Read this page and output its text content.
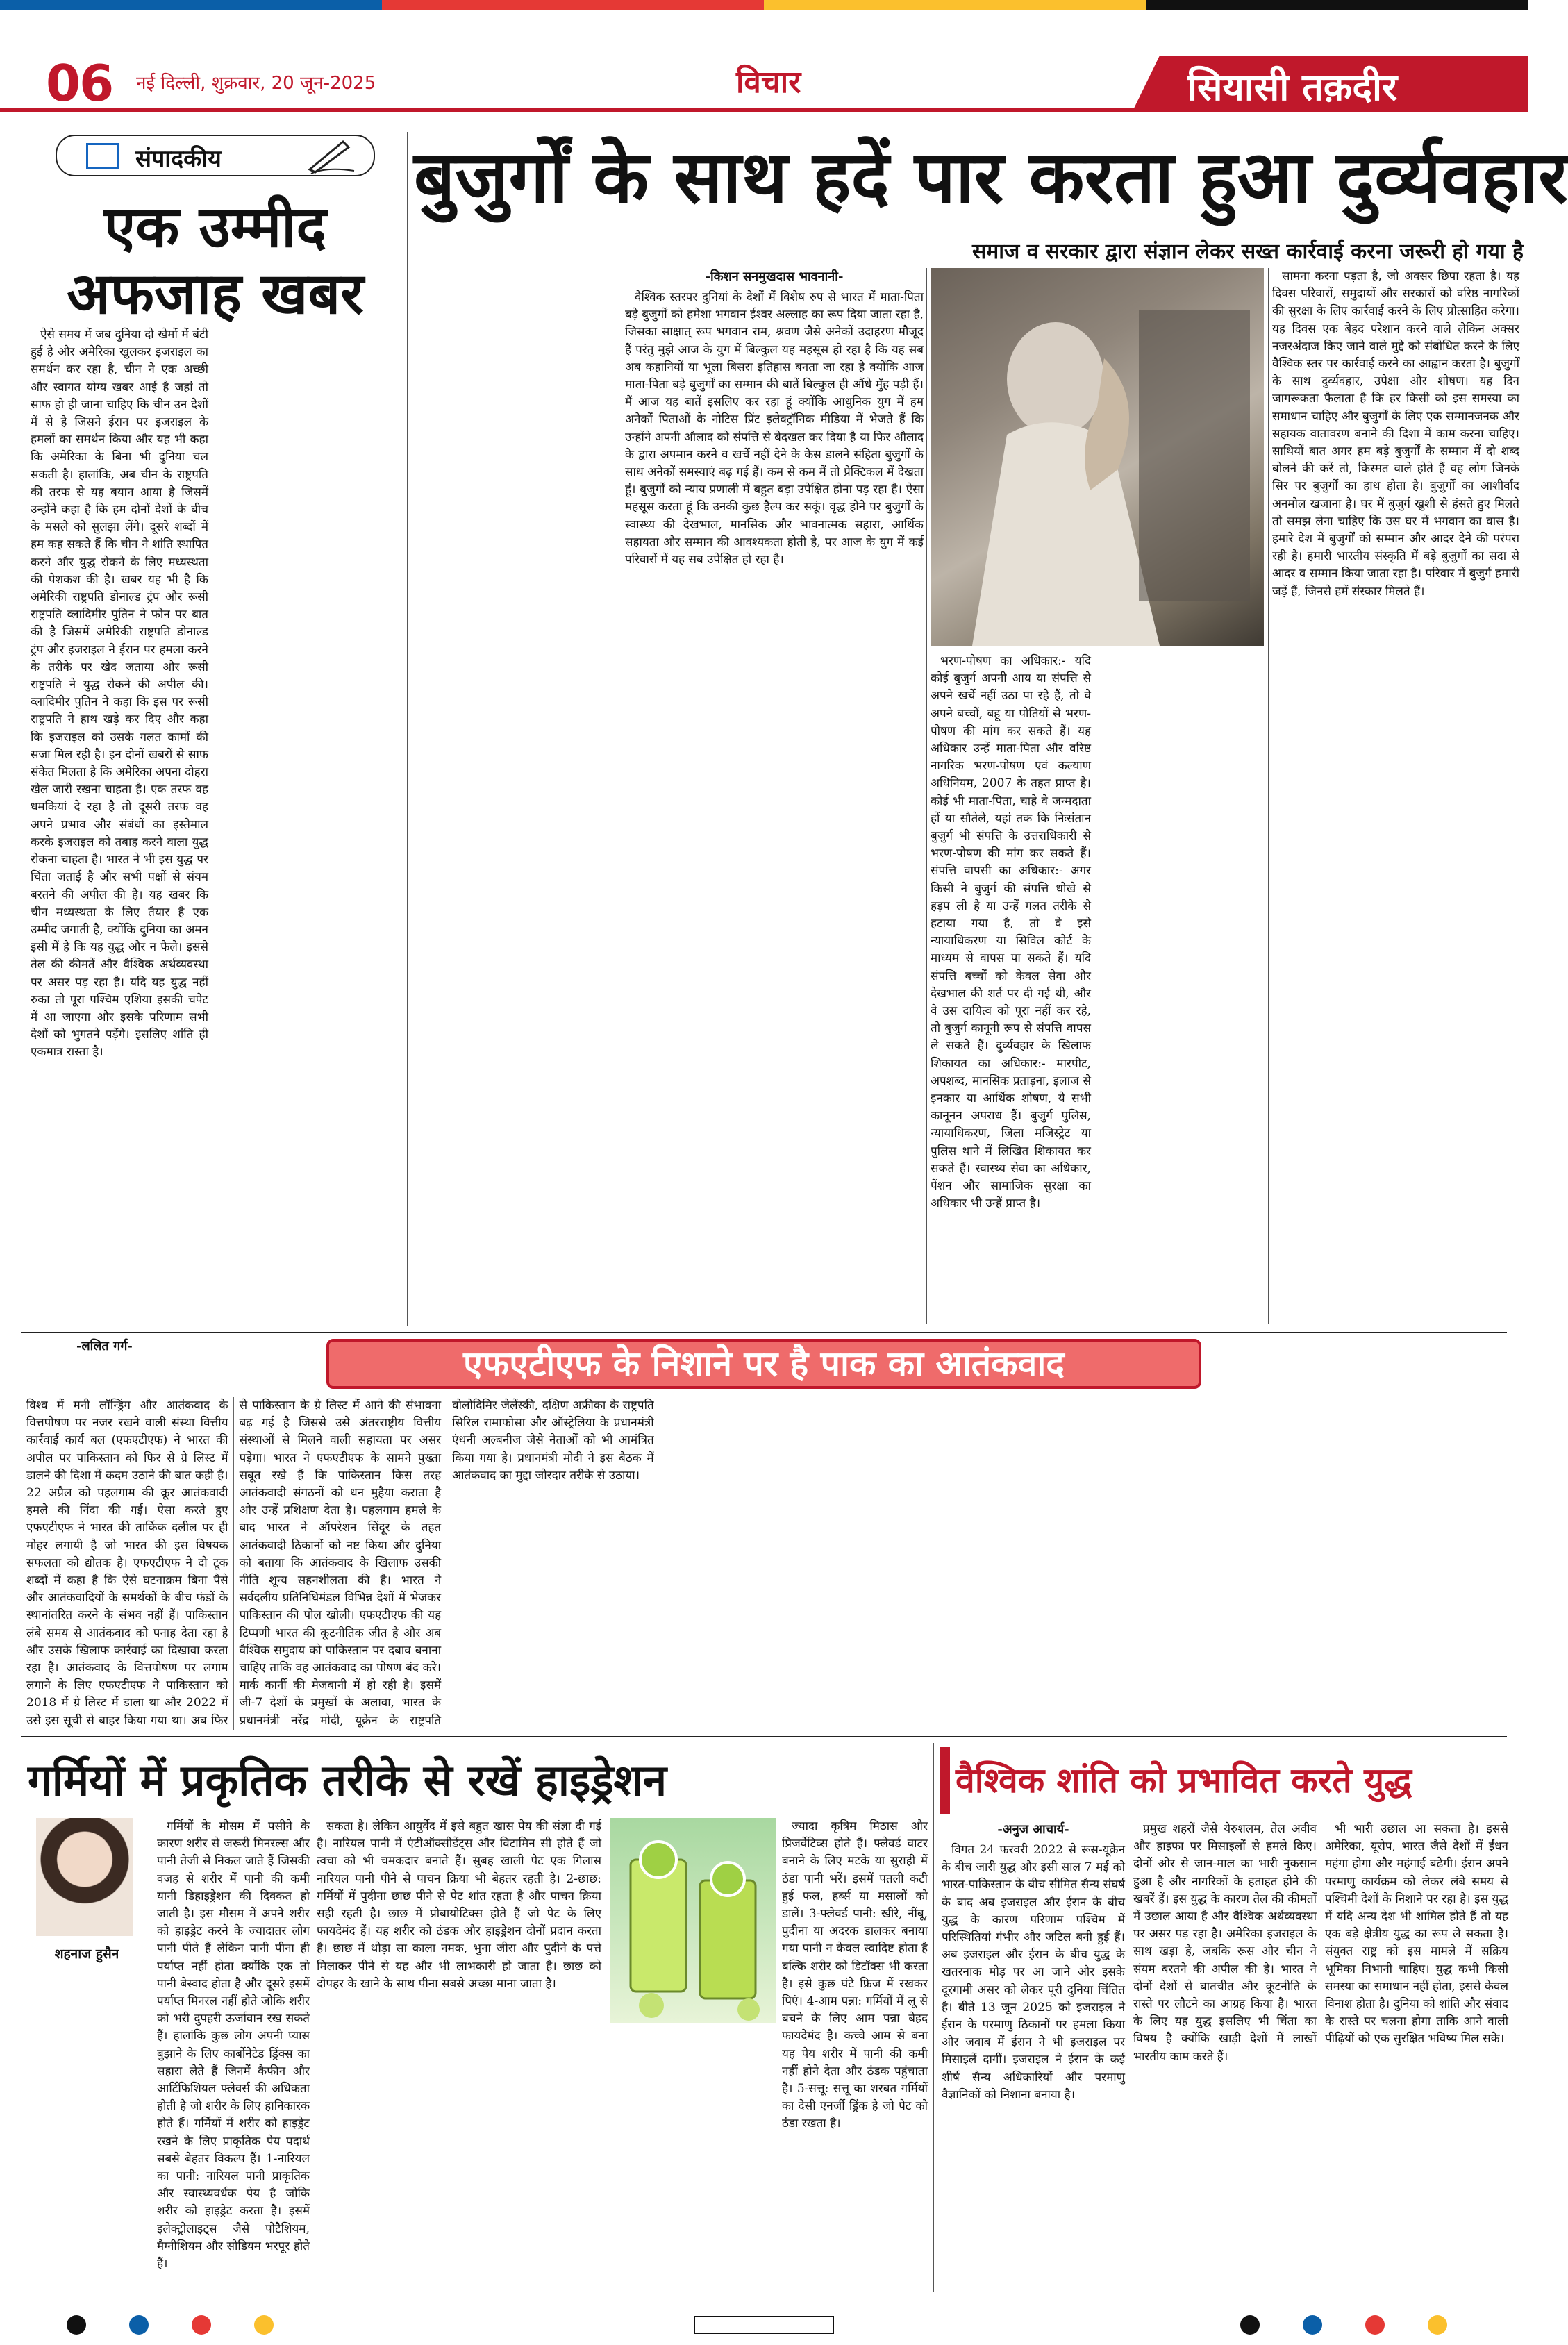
06 नई दिल्ली, शुक्रवार, 20 जून-2025	विचार	सियासी तक़दीर
संपादकीय
एक उम्मीद
अफजाह खबर
ऐसे समय में जब दुनिया दो खेमों में बंटी हुई है और अमेरिका खुलकर इजराइल का समर्थन कर रहा है, चीन ने एक अच्छी और स्वागत योग्य खबर आई है जहां तो साफ हो ही जाना चाहिए कि चीन उन देशों में से है जिसने ईरान पर इजराइल के हमलों का समर्थन किया और यह भी कहा कि अमेरिका के बिना भी दुनिया चल सकती है। हालांकि, अब चीन के राष्ट्रपति की तरफ से यह बयान आया है जिसमें उन्होंने कहा है कि हम दोनों देशों के बीच के मसले को सुलझा लेंगे। दूसरे शब्दों में हम कह सकते हैं कि चीन ने शांति स्थापित करने और युद्ध रोकने के लिए मध्यस्थता की पेशकश की है। खबर यह भी है कि अमेरिकी राष्ट्रपति डोनाल्ड ट्रंप और रूसी राष्ट्रपति व्लादिमीर पुतिन ने फोन पर बात की है जिसमें अमेरिकी राष्ट्रपति डोनाल्ड ट्रंप और इजराइल ने ईरान पर हमला करने के तरीके पर खेद जताया और रूसी राष्ट्रपति ने युद्ध रोकने की अपील की। व्लादिमीर पुतिन ने कहा कि इस पर रूसी राष्ट्रपति ने हाथ खड़े कर दिए और कहा कि इजराइल को उसके गलत कामों की सजा मिल रही है। इन दोनों खबरों से साफ संकेत मिलता है कि अमेरिका अपना दोहरा खेल जारी रखना चाहता है। एक तरफ वह धमकियां दे रहा है तो दूसरी तरफ वह अपने प्रभाव और संबंधों का इस्तेमाल करके इजराइल को तबाह करने वाला युद्ध रोकना चाहता है। भारत ने भी इस युद्ध पर चिंता जताई है और सभी पक्षों से संयम बरतने की अपील की है। यह खबर कि चीन मध्यस्थता के लिए तैयार है एक उम्मीद जगाती है, क्योंकि दुनिया का अमन इसी में है कि यह युद्ध और न फैले। इससे तेल की कीमतें और वैश्विक अर्थव्यवस्था पर असर पड़ रहा है। यदि यह युद्ध नहीं रुका तो पूरा पश्चिम एशिया इसकी चपेट में आ जाएगा और इसके परिणाम सभी देशों को भुगतने पड़ेंगे। इसलिए शांति ही एकमात्र रास्ता है।
बुजुर्गों के साथ हदें पार करता हुआ दुर्व्यवहार
समाज व सरकार द्वारा संज्ञान लेकर सख्त कार्रवाई करना जरूरी हो गया है
-किशन सनमुखदास भावनानी-
वैश्विक स्तरपर दुनियां के देशों में विशेष रुप से भारत में माता-पिता बड़े बुजुर्गों को हमेशा भगवान ईश्वर अल्लाह का रूप दिया जाता रहा है, जिसका साक्षात् रूप भगवान राम, श्रवण जैसे अनेकों उदाहरण मौजूद हैं परंतु मुझे आज के युग में बिल्कुल यह महसूस हो रहा है कि यह सब अब कहानियों या भूला बिसरा इतिहास बनता जा रहा है क्योंकि आज माता-पिता बड़े बुजुर्गों का सम्मान की बातें बिल्कुल ही औंधे मुँह पड़ी हैं। मैं आज यह बातें इसलिए कर रहा हूं क्योंकि आधुनिक युग में हम अनेकों पिताओं के नोटिस प्रिंट इलेक्ट्रॉनिक मीडिया में भेजते हैं कि उन्होंने अपनी औलाद को संपत्ति से बेदखल कर दिया है या फिर औलाद के द्वारा अपमान करने व खर्चे नहीं देने के केस डालने संहिता बुजुर्गों के साथ अनेकों समस्याएं बढ़ गई हैं। कम से कम मैं तो प्रेक्टिकल में देखता हूं। बुजुर्गों को न्याय प्रणाली में बहुत बड़ा उपेक्षित होना पड़ रहा है। ऐसा महसूस करता हूं कि उनकी कुछ हैल्प कर सकूं। वृद्ध होने पर बुजुर्गों के स्वास्थ्य की देखभाल, मानसिक और भावनात्मक सहारा, आर्थिक सहायता और सम्मान की आवश्यकता होती है, पर आज के युग में कई परिवारों में यह सब उपेक्षित हो रहा है।
भरण-पोषण का अधिकार:- यदि कोई बुजुर्ग अपनी आय या संपत्ति से अपने खर्चे नहीं उठा पा रहे हैं, तो वे अपने बच्चों, बहू या पोतियों से भरण-पोषण की मांग कर सकते हैं। यह अधिकार उन्हें माता-पिता और वरिष्ठ नागरिक भरण-पोषण एवं कल्याण अधिनियम, 2007 के तहत प्राप्त है। कोई भी माता-पिता, चाहे वे जन्मदाता हों या सौतेले, यहां तक कि निःसंतान बुजुर्ग भी संपत्ति के उत्तराधिकारी से भरण-पोषण की मांग कर सकते हैं। संपत्ति वापसी का अधिकार:- अगर किसी ने बुजुर्ग की संपत्ति धोखे से हड़प ली है या उन्हें गलत तरीके से हटाया गया है, तो वे इसे न्यायाधिकरण या सिविल कोर्ट के माध्यम से वापस पा सकते हैं। यदि संपत्ति बच्चों को केवल सेवा और देखभाल की शर्त पर दी गई थी, और वे उस दायित्व को पूरा नहीं कर रहे, तो बुजुर्ग कानूनी रूप से संपत्ति वापस ले सकते हैं। दुर्व्यवहार के खिलाफ शिकायत का अधिकार:- मारपीट, अपशब्द, मानसिक प्रताड़ना, इलाज से इनकार या आर्थिक शोषण, ये सभी कानूनन अपराध हैं। बुजुर्ग पुलिस, न्यायाधिकरण, जिला मजिस्ट्रेट या पुलिस थाने में लिखित शिकायत कर सकते हैं। स्वास्थ्य सेवा का अधिकार, पेंशन और सामाजिक सुरक्षा का अधिकार भी उन्हें प्राप्त है।
सामना करना पड़ता है, जो अक्सर छिपा रहता है। यह दिवस परिवारों, समुदायों और सरकारों को वरिष्ठ नागरिकों की सुरक्षा के लिए कार्रवाई करने के लिए प्रोत्साहित करेगा। यह दिवस एक बेहद परेशान करने वाले लेकिन अक्सर नजरअंदाज किए जाने वाले मुद्दे को संबोधित करने के लिए वैश्विक स्तर पर कार्रवाई करने का आह्वान करता है। बुजुर्गों के साथ दुर्व्यवहार, उपेक्षा और शोषण। यह दिन जागरूकता फैलाता है कि हर किसी को इस समस्या का समाधान चाहिए और बुजुर्गों के लिए एक सम्मानजनक और सहायक वातावरण बनाने की दिशा में काम करना चाहिए। साथियों बात अगर हम बड़े बुजुर्गों के सम्मान में दो शब्द बोलने की करें तो, किस्मत वाले होते हैं वह लोग जिनके सिर पर बुजुर्गों का हाथ होता है। बुजुर्गों का आशीर्वाद अनमोल खजाना है। घर में बुजुर्ग खुशी से हंसते हुए मिलते तो समझ लेना चाहिए कि उस घर में भगवान का वास है। हमारे देश में बुजुर्गों को सम्मान और आदर देने की परंपरा रही है। हमारी भारतीय संस्कृति में बड़े बुजुर्गों का सदा से आदर व सम्मान किया जाता रहा है। परिवार में बुजुर्ग हमारी जड़ें हैं, जिनसे हमें संस्कार मिलते हैं।
-ललित गर्ग-	एफएटीएफ के निशाने पर है पाक का आतंकवाद
विश्व में मनी लॉन्ड्रिंग और आतंकवाद के वित्तपोषण पर नजर रखने वाली संस्था वित्तीय कार्रवाई कार्य बल (एफएटीएफ) ने भारत की अपील पर पाकिस्तान को फिर से ग्रे लिस्ट में डालने की दिशा में कदम उठाने की बात कही है। 22 अप्रैल को पहलगाम की क्रूर आतंकवादी हमले की निंदा की गई। ऐसा करते हुए एफएटीएफ ने भारत की तार्किक दलील पर ही मोहर लगायी है जो भारत की इस विषयक सफलता को द्योतक है। एफएटीएफ ने दो टूक शब्दों में कहा है कि ऐसे घटनाक्रम बिना पैसे और आतंकवादियों के समर्थकों के बीच फंडों के स्थानांतरित करने के संभव नहीं हैं। पाकिस्तान लंबे समय से आतंकवाद को पनाह देता रहा है और उसके खिलाफ कार्रवाई का दिखावा करता रहा है। आतंकवाद के वित्तपोषण पर लगाम लगाने के लिए एफएटीएफ ने पाकिस्तान को 2018 में ग्रे लिस्ट में डाला था और 2022 में उसे इस सूची से बाहर किया गया था। अब फिर से पाकिस्तान के ग्रे लिस्ट में आने की संभावना बढ़ गई है जिससे उसे अंतरराष्ट्रीय वित्तीय संस्थाओं से मिलने वाली सहायता पर असर पड़ेगा। भारत ने एफएटीएफ के सामने पुख्ता सबूत रखे हैं कि पाकिस्तान किस तरह आतंकवादी संगठनों को धन मुहैया कराता है और उन्हें प्रशिक्षण देता है। पहलगाम हमले के बाद भारत ने ऑपरेशन सिंदूर के तहत आतंकवादी ठिकानों को नष्ट किया और दुनिया को बताया कि आतंकवाद के खिलाफ उसकी नीति शून्य सहनशीलता की है। भारत ने सर्वदलीय प्रतिनिधिमंडल विभिन्न देशों में भेजकर पाकिस्तान की पोल खोली। एफएटीएफ की यह टिप्पणी भारत की कूटनीतिक जीत है और अब वैश्विक समुदाय को पाकिस्तान पर दबाव बनाना चाहिए ताकि वह आतंकवाद का पोषण बंद करे। मार्क कार्नी की मेजबानी में हो रही है। इसमें जी-7 देशों के प्रमुखों के अलावा, भारत के प्रधानमंत्री नरेंद्र मोदी, यूक्रेन के राष्ट्रपति वोलोदिमिर जेलेंस्की, दक्षिण अफ्रीका के राष्ट्रपति सिरिल रामाफोसा और ऑस्ट्रेलिया के प्रधानमंत्री एंथनी अल्बनीज जैसे नेताओं को भी आमंत्रित किया गया है। प्रधानमंत्री मोदी ने इस बैठक में आतंकवाद का मुद्दा जोरदार तरीके से उठाया।
गर्मियों में प्रकृतिक तरीके से रखें हाइड्रेशन
शहनाज हुसैन
गर्मियों के मौसम में पसीने के कारण शरीर से जरूरी मिनरल्स और पानी तेजी से निकल जाते हैं जिसकी वजह से शरीर में पानी की कमी यानी डिहाइड्रेशन की दिक्कत हो जाती है। इस मौसम में अपने शरीर को हाइड्रेट करने के ज्यादातर लोग पानी पीते हैं लेकिन पानी पीना ही पर्याप्त नहीं होता क्योंकि एक तो पानी बेस्वाद होता है और दूसरे इसमें पर्याप्त मिनरल नहीं होते जोकि शरीर को भरी दुपहरी ऊर्जावान रख सकते हैं। हालांकि कुछ लोग अपनी प्यास बुझाने के लिए कार्बोनेटेड ड्रिंक्स का सहारा लेते हैं जिनमें कैफीन और आर्टिफिशियल फ्लेवर्स की अधिकता होती है जो शरीर के लिए हानिकारक होते हैं। गर्मियों में शरीर को हाइड्रेट रखने के लिए प्राकृतिक पेय पदार्थ सबसे बेहतर विकल्प हैं। 1-नारियल का पानी: नारियल पानी प्राकृतिक और स्वास्थ्यवर्धक पेय है जोकि शरीर को हाइड्रेट करता है। इसमें इलेक्ट्रोलाइट्स जैसे पोटैशियम, मैग्नीशियम और सोडियम भरपूर होते हैं।
सकता है। लेकिन आयुर्वेद में इसे बहुत खास पेय की संज्ञा दी गई है। नारियल पानी में एंटीऑक्सीडेंट्स और विटामिन सी होते हैं जो त्वचा को भी चमकदार बनाते हैं। सुबह खाली पेट एक गिलास नारियल पानी पीने से पाचन क्रिया भी बेहतर रहती है। 2-छाछ: गर्मियों में पुदीना छाछ पीने से पेट शांत रहता है और पाचन क्रिया सही रहती है। छाछ में प्रोबायोटिक्स होते हैं जो पेट के लिए फायदेमंद हैं। यह शरीर को ठंडक और हाइड्रेशन दोनों प्रदान करता है। छाछ में थोड़ा सा काला नमक, भुना जीरा और पुदीने के पत्ते मिलाकर पीने से यह और भी लाभकारी हो जाता है। छाछ को दोपहर के खाने के साथ पीना सबसे अच्छा माना जाता है।
ज्यादा कृत्रिम मिठास और प्रिजर्वेटिव्स होते हैं। फ्लेवर्ड वाटर बनाने के लिए मटके या सुराही में ठंडा पानी भरें। इसमें पतली कटी हुई फल, हर्ब्स या मसालों को डालें। 3-फ्लेवर्ड पानी: खीरे, नींबू, पुदीना या अदरक डालकर बनाया गया पानी न केवल स्वादिष्ट होता है बल्कि शरीर को डिटॉक्स भी करता है। इसे कुछ घंटे फ्रिज में रखकर पिएं। 4-आम पन्ना: गर्मियों में लू से बचने के लिए आम पन्ना बेहद फायदेमंद है। कच्चे आम से बना यह पेय शरीर में पानी की कमी नहीं होने देता और ठंडक पहुंचाता है। 5-सत्तू: सत्तू का शरबत गर्मियों का देसी एनर्जी ड्रिंक है जो पेट को ठंडा रखता है।
वैश्विक शांति को प्रभावित करते युद्ध
-अनुज आचार्य-
विगत 24 फरवरी 2022 से रूस-यूक्रेन के बीच जारी युद्ध और इसी साल 7 मई को भारत-पाकिस्तान के बीच सीमित सैन्य संघर्ष के बाद अब इजराइल और ईरान के बीच युद्ध के कारण परिणाम पश्चिम में परिस्थितियां गंभीर और जटिल बनी हुई हैं। अब इजराइल और ईरान के बीच युद्ध के खतरनाक मोड़ पर आ जाने और इसके दूरगामी असर को लेकर पूरी दुनिया चिंतित है। बीते 13 जून 2025 को इजराइल ने ईरान के परमाणु ठिकानों पर हमला किया और जवाब में ईरान ने भी इजराइल पर मिसाइलें दागीं। इजराइल ने ईरान के कई शीर्ष सैन्य अधिकारियों और परमाणु वैज्ञानिकों को निशाना बनाया है।
प्रमुख शहरों जैसे येरुशलम, तेल अवीव और हाइफा पर मिसाइलों से हमले किए। दोनों ओर से जान-माल का भारी नुकसान हुआ है और नागरिकों के हताहत होने की खबरें हैं। इस युद्ध के कारण तेल की कीमतों में उछाल आया है और वैश्विक अर्थव्यवस्था पर असर पड़ रहा है। अमेरिका इजराइल के साथ खड़ा है, जबकि रूस और चीन ने संयम बरतने की अपील की है। भारत ने दोनों देशों से बातचीत और कूटनीति के रास्ते पर लौटने का आग्रह किया है। भारत के लिए यह युद्ध इसलिए भी चिंता का विषय है क्योंकि खाड़ी देशों में लाखों भारतीय काम करते हैं।
भी भारी उछाल आ सकता है। इससे अमेरिका, यूरोप, भारत जैसे देशों में ईंधन महंगा होगा और महंगाई बढ़ेगी। ईरान अपने परमाणु कार्यक्रम को लेकर लंबे समय से पश्चिमी देशों के निशाने पर रहा है। इस युद्ध में यदि अन्य देश भी शामिल होते हैं तो यह एक बड़े क्षेत्रीय युद्ध का रूप ले सकता है। संयुक्त राष्ट्र को इस मामले में सक्रिय भूमिका निभानी चाहिए। युद्ध कभी किसी समस्या का समाधान नहीं होता, इससे केवल विनाश होता है। दुनिया को शांति और संवाद के रास्ते पर चलना होगा ताकि आने वाली पीढ़ियों को एक सुरक्षित भविष्य मिल सके।
